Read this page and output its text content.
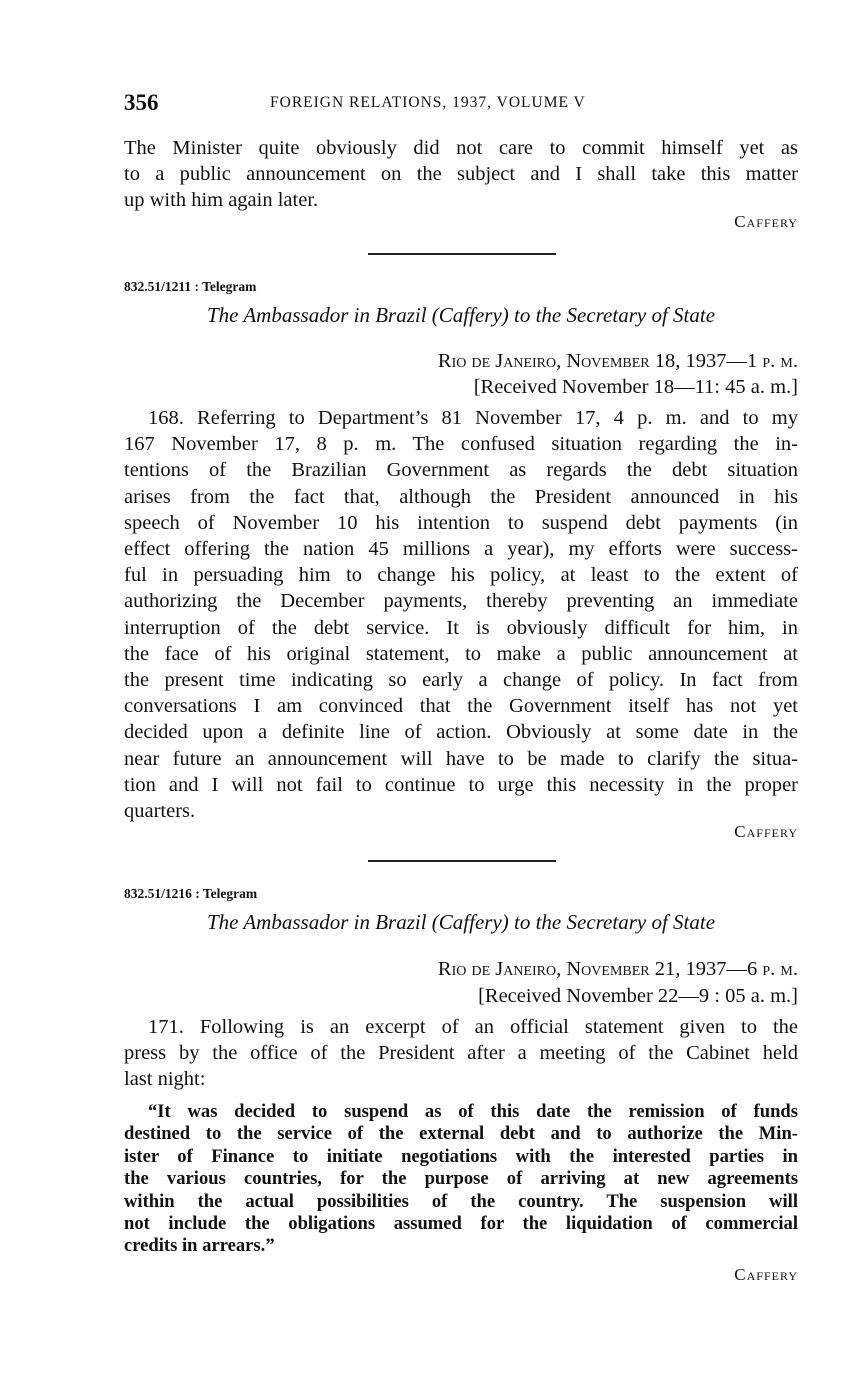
356	FOREIGN RELATIONS, 1937, VOLUME V
The Minister quite obviously did not care to commit himself yet as
to a public announcement on the subject and I shall take this matter
up with him again later.
Caffery
832.51/1211 : Telegram
The Ambassador in Brazil (Caffery) to the Secretary of State
Rio de Janeiro, November 18, 1937—1 p. m.
[Received November 18—11: 45 a. m.]
168. Referring to Department’s 81 November 17, 4 p. m. and to my
167 November 17, 8 p. m. The confused situation regarding the in-
tentions of the Brazilian Government as regards the debt situation
arises from the fact that, although the President announced in his
speech of November 10 his intention to suspend debt payments (in
effect offering the nation 45 millions a year), my efforts were success-
ful in persuading him to change his policy, at least to the extent of
authorizing the December payments, thereby preventing an immediate
interruption of the debt service. It is obviously difficult for him, in
the face of his original statement, to make a public announcement at
the present time indicating so early a change of policy. In fact from
conversations I am convinced that the Government itself has not yet
decided upon a definite line of action. Obviously at some date in the
near future an announcement will have to be made to clarify the situa-
tion and I will not fail to continue to urge this necessity in the proper
quarters.
Caffery
832.51/1216 : Telegram
The Ambassador in Brazil (Caffery) to the Secretary of State
Rio de Janeiro, November 21, 1937—6 p. m.
[Received November 22—9 : 05 a. m.]
171. Following is an excerpt of an official statement given to the
press by the office of the President after a meeting of the Cabinet held
last night:
“It was decided to suspend as of this date the remission of funds
destined to the service of the external debt and to authorize the Min-
ister of Finance to initiate negotiations with the interested parties in
the various countries, for the purpose of arriving at new agreements
within the actual possibilities of the country. The suspension will
not include the obligations assumed for the liquidation of commercial
credits in arrears.”
Caffery
